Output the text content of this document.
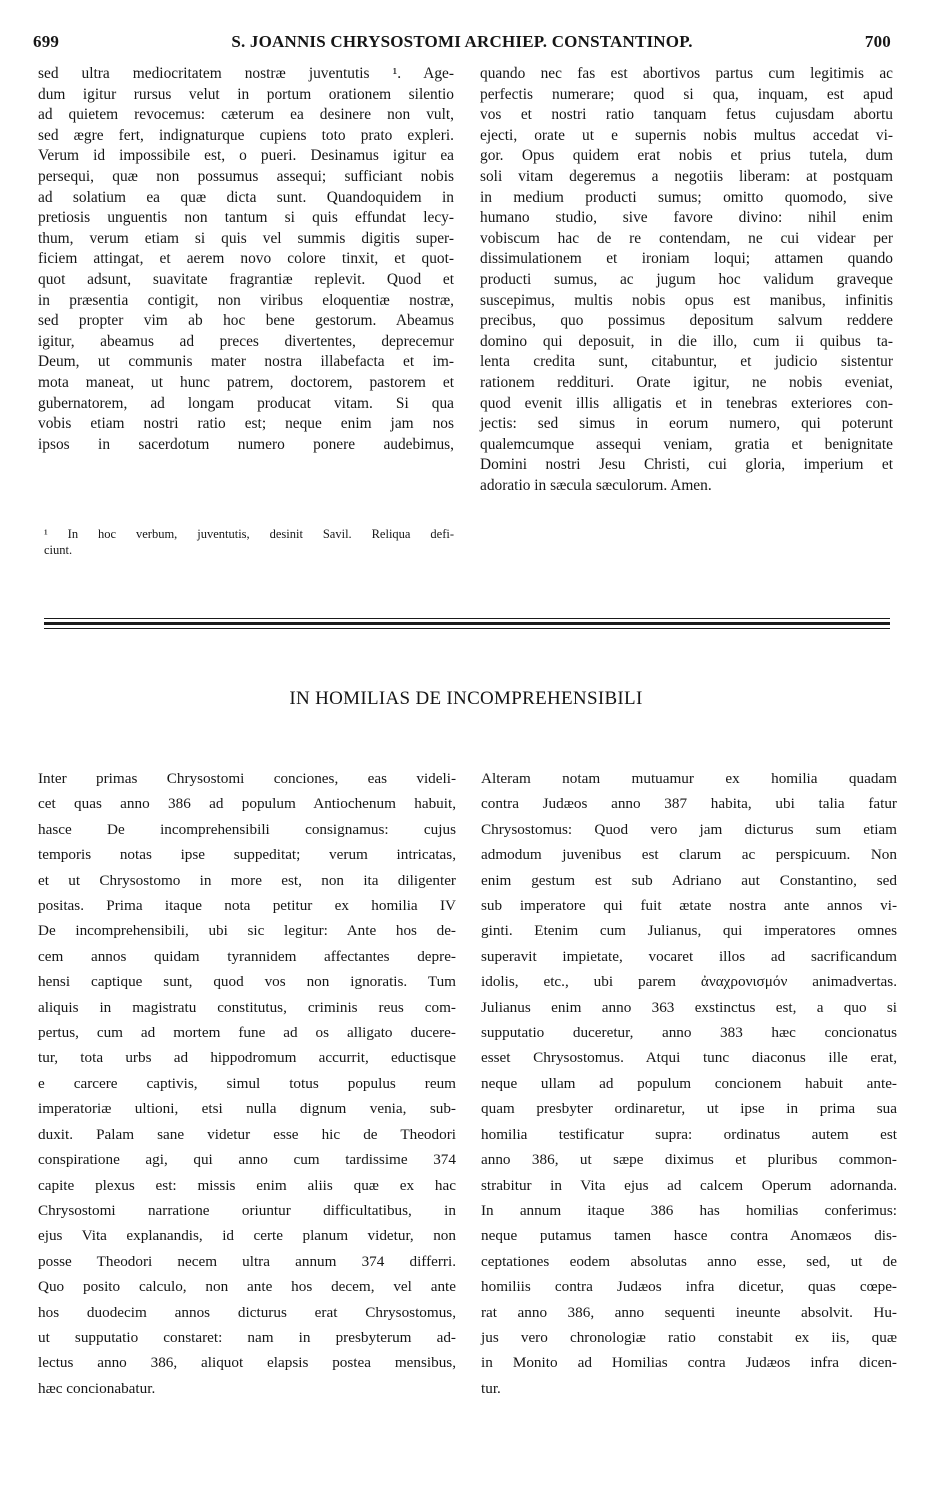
699	S. JOANNIS CHRYSOSTOMI ARCHIEP. CONSTANTINOP.	700
sed ultra mediocritatem nostræ juventutis ¹. Age-
dum igitur rursus velut in portum orationem silentio
ad quietem revocemus: cæterum ea desinere non vult,
sed ægre fert, indignaturque cupiens toto prato expleri.
Verum id impossibile est, o pueri. Desinamus igitur ea
persequi, quæ non possumus assequi; sufficiant nobis
ad solatium ea quæ dicta sunt. Quandoquidem in
pretiosis unguentis non tantum si quis effundat lecy-
thum, verum etiam si quis vel summis digitis super-
ficiem attingat, et aerem novo colore tinxit, et quot-
quot adsunt, suavitate fragrantiæ replevit. Quod et
in præsentia contigit, non viribus eloquentiæ nostræ,
sed propter vim ab hoc bene gestorum. Abeamus
igitur, abeamus ad preces divertentes, deprecemur
Deum, ut communis mater nostra illabefacta et im-
mota maneat, ut hunc patrem, doctorem, pastorem et
gubernatorem, ad longam producat vitam. Si qua
vobis etiam nostri ratio est; neque enim jam nos
ipsos in sacerdotum numero ponere audebimus,
¹ In hoc verbum, juventutis, desinit Savil. Reliqua defi-
ciunt.
quando nec fas est abortivos partus cum legitimis ac
perfectis numerare; quod si qua, inquam, est apud
vos et nostri ratio tanquam fetus cujusdam abortu
ejecti, orate ut e supernis nobis multus accedat vi-
gor. Opus quidem erat nobis et prius tutela, dum
soli vitam degeremus a negotiis liberam: at postquam
in medium producti sumus; omitto quomodo, sive
humano studio, sive favore divino: nihil enim
vobiscum hac de re contendam, ne cui videar per
dissimulationem et ironiam loqui; attamen quando
producti sumus, ac jugum hoc validum graveque
suscepimus, multis nobis opus est manibus, infinitis
precibus, quo possimus depositum salvum reddere
domino qui deposuit, in die illo, cum ii quibus ta-
lenta credita sunt, citabuntur, et judicio sistentur
rationem reddituri. Orate igitur, ne nobis eveniat,
quod evenit illis alligatis et in tenebras exteriores con-
jectis: sed simus in eorum numero, qui poterunt
qualemcumque assequi veniam, gratia et benignitate
Domini nostri Jesu Christi, cui gloria, imperium et
adoratio in sæcula sæculorum. Amen.
IN HOMILIAS DE INCOMPREHENSIBILI
Inter primas Chrysostomi conciones, eas videli-
cet quas anno 386 ad populum Antiochenum habuit,
hasce De incomprehensibili consignamus: cujus
temporis notas ipse suppeditat; verum intricatas,
et ut Chrysostomo in more est, non ita diligenter
positas. Prima itaque nota petitur ex homilia IV
De incomprehensibili, ubi sic legitur: Ante hos de-
cem annos quidam tyrannidem affectantes depre-
hensi captique sunt, quod vos non ignoratis. Tum
aliquis in magistratu constitutus, criminis reus com-
pertus, cum ad mortem fune ad os alligato ducere-
tur, tota urbs ad hippodromum accurrit, eductisque
e carcere captivis, simul totus populus reum
imperatoriæ ultioni, etsi nulla dignum venia, sub-
duxit. Palam sane videtur esse hic de Theodori
conspiratione agi, qui anno cum tardissime 374
capite plexus est: missis enim aliis quæ ex hac
Chrysostomi narratione oriuntur difficultatibus, in
ejus Vita explanandis, id certe planum videtur, non
posse Theodori necem ultra annum 374 differri.
Quo posito calculo, non ante hos decem, vel ante
hos duodecim annos dicturus erat Chrysostomus,
ut supputatio constaret: nam in presbyterum ad-
lectus anno 386, aliquot elapsis postea mensibus,
hæc concionabatur.
Alteram notam mutuamur ex homilia quadam
contra Judæos anno 387 habita, ubi talia fatur
Chrysostomus: Quod vero jam dicturus sum etiam
admodum juvenibus est clarum ac perspicuum. Non
enim gestum est sub Adriano aut Constantino, sed
sub imperatore qui fuit ætate nostra ante annos vi-
ginti. Etenim cum Julianus, qui imperatores omnes
superavit impietate, vocaret illos ad sacrificandum
idolis, etc., ubi parem ἀναχρονισμόν animadvertas.
Julianus enim anno 363 exstinctus est, a quo si
supputatio duceretur, anno 383 hæc concionatus
esset Chrysostomus. Atqui tunc diaconus ille erat,
neque ullam ad populum concionem habuit ante-
quam presbyter ordinaretur, ut ipse in prima sua
homilia testificatur supra: ordinatus autem est
anno 386, ut sæpe diximus et pluribus common-
strabitur in Vita ejus ad calcem Operum adornanda.
In annum itaque 386 has homilias conferimus:
neque putamus tamen hasce contra Anomæos dis-
ceptationes eodem absolutas anno esse, sed, ut de
homiliis contra Judæos infra dicetur, quas cœpe-
rat anno 386, anno sequenti ineunte absolvit. Hu-
jus vero chronologiæ ratio constabit ex iis, quæ
in Monito ad Homilias contra Judæos infra dicen-
tur.
